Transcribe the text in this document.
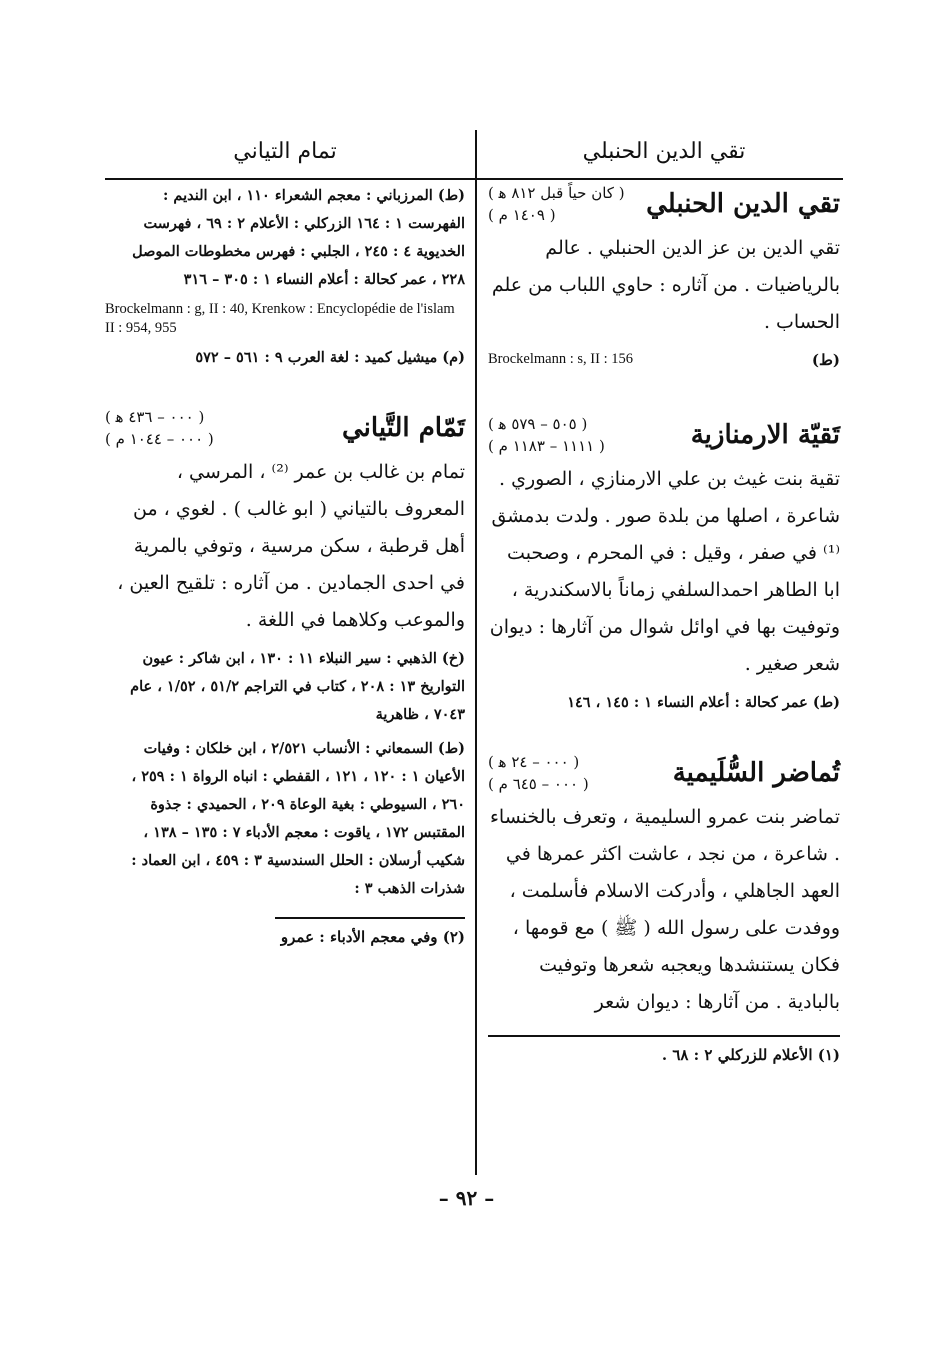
تقي الدين الحنبلي
تقي الدين الحنبلي
( كان حياً قبل ٨١٢ ﻫ )
( ١٤٠٩ م )
تقي الدين بن عز الدين الحنبلي . عالم بالرياضيات . من آثاره : حاوي اللباب من علم الحساب .
Brockelmann : s, II : 156	(ط)
تَقيّة الارمنازية
( ٥٠٥ – ٥٧٩ ﻫ )
( ١١١١ – ١١٨٣ م )
تقية بنت غيث بن علي الارمنازي ، الصوري . شاعرة ، اصلها من بلدة صور . ولدت بدمشق ⁽¹⁾ في صفر ، وقيل : في المحرم ، وصحبت ابا الطاهر احمدالسلفي زماناً بالاسكندرية ، وتوفيت بها في اوائل شوال من آثارها : ديوان شعر صغير .
(ط) عمر كحالة : أعلام النساء ١ : ١٤٥ ، ١٤٦
تُماضر السُّلَيمية
( ٠٠٠ – ٢٤ ﻫ )
( ٠٠٠ – ٦٤٥ م )
تماضر بنت عمرو السليمية ، وتعرف بالخنساء . شاعرة ، من نجد ، عاشت اكثر عمرها في العهد الجاهلي ، وأدركت الاسلام فأسلمت ، ووفدت على رسول الله ( ﷺ ) مع قومها ، فكان يستنشدها ويعجبه شعرها وتوفيت بالبادية . من آثارها : ديوان شعر
(١) الأعلام للزركلي ٢ : ٦٨ .
تمام التياني
(ط) المرزباني : معجم الشعراء ١١٠ ، ابن النديم : الفهرست ١ : ١٦٤ الزركلي : الأعلام ٢ : ٦٩ ، فهرست الخديوية ٤ : ٢٤٥ ، الجلبي : فهرس مخطوطات الموصل ٢٢٨ ، عمر كحالة : أعلام النساء ١ : ٣٠٥ – ٣١٦
Brockelmann : g, II : 40, Krenkow : Encyclopédie de l'islam II : 954, 955
(م) ميشيل كميد : لغة العرب ٩ : ٥٦١ – ٥٧٢
تَمّام التَّياني
( ٠٠٠ – ٤٣٦ ﻫ )
( ٠٠٠ – ١٠٤٤ م )
تمام بن غالب بن عمر ⁽²⁾ ، المرسي ، المعروف بالتياني ( ابو غالب ) . لغوي ، من أهل قرطبة ، سكن مرسية ، وتوفي بالمرية في احدى الجمادين . من آثاره : تلقيح العين ، والموعب وكلاهما في اللغة .
(خ) الذهبي : سير النبلاء ١١ : ١٣٠ ، ابن شاكر : عيون التواريخ ١٣ : ٢٠٨ ، كتاب في التراجم ٥١/٢ ، ١/٥٢ ، عام ٧٠٤٣ ، ظاهرية
(ط) السمعاني : الأنساب ٢/٥٢١ ، ابن خلكان : وفيات الأعيان ١ : ١٢٠ ، ١٢١ ، القفطي : انباه الرواة ١ : ٢٥٩ ، ٢٦٠ ، السيوطي : بغية الوعاة ٢٠٩ ، الحميدي : جذوة المقتبس ١٧٢ ، ياقوت : معجم الأدباء ٧ : ١٣٥ – ١٣٨ ، شكيب أرسلان : الحلل السندسية ٣ : ٤٥٩ ، ابن العماد : شذرات الذهب ٣ :
(٢) وفي معجم الأدباء : عمرو
– ٩٢ –
